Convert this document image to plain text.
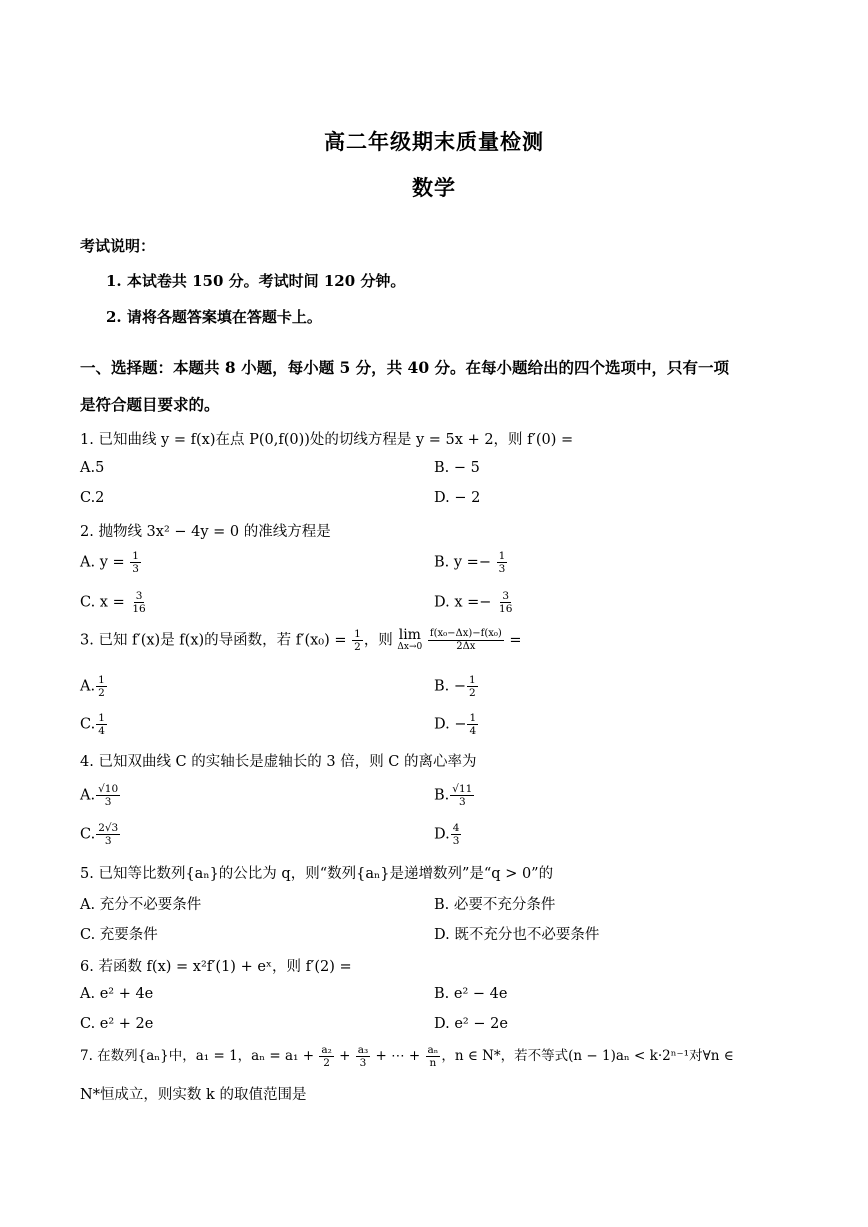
高二年级期末质量检测
数学
考试说明：
1. 本试卷共 150 分。考试时间 120 分钟。
2. 请将各题答案填在答题卡上。
一、选择题：本题共 8 小题，每小题 5 分，共 40 分。在每小题给出的四个选项中，只有一项
是符合题目要求的。
1. 已知曲线 y = f(x)在点 P(0,f(0))处的切线方程是 y = 5x + 2，则 f′(0) =
A.5	B. − 5
C.2	D. − 2
2. 抛物线 3x² − 4y = 0 的准线方程是
A. $y = \frac{1}{3}$	B. $y =- \frac{1}{3}$
C. $x = \frac{3}{16}$	D. $x =- \frac{3}{16}$
3. 已知 f′(x)是 f(x)的导函数，若 $f'(x_0) = \frac{1}{2}$ ，则 lim
Δx→0
$\frac{\text{f(x₀−Δx)−f(x₀)}}{2\Delta x}$ =
A. $\frac{1}{2}$	B. − $\frac{1}{2}$
C. $\frac{1}{4}$	D. − $\frac{1}{4}$
4. 已知双曲线 C 的实轴长是虚轴长的 3 倍，则 C 的离心率为
A. $\frac{√10}{3}$	B. $\frac{√11}{3}$
C. $\frac{2√3}{3}$	D. $\frac{4}{3}$
5. 已知等比数列{aₙ}的公比为 q，则“数列{aₙ}是递增数列”是“q > 0”的
A. 充分不必要条件	B. 必要不充分条件
C. 充要条件	D. 既不充分也不必要条件
6. 若函数 f(x) = x²f′(1) + eˣ，则 f′(2) =
A. e² + 4e	B. e² − 4e
C. e² + 2e	D. e² − 2e
7. 在数列{aₙ}中，a₁ = 1，$a_n = a_1 + \frac{\text{a₂}}{2} + \frac{\text{a₃}}{3}$ + ⋯ + $\frac{\text{aₙ}}{n}$ ，n ∈ N*，若不等式(n − 1)aₙ < k·2ⁿ⁻¹对∀n ∈
N*恒成立，则实数 k 的取值范围是
